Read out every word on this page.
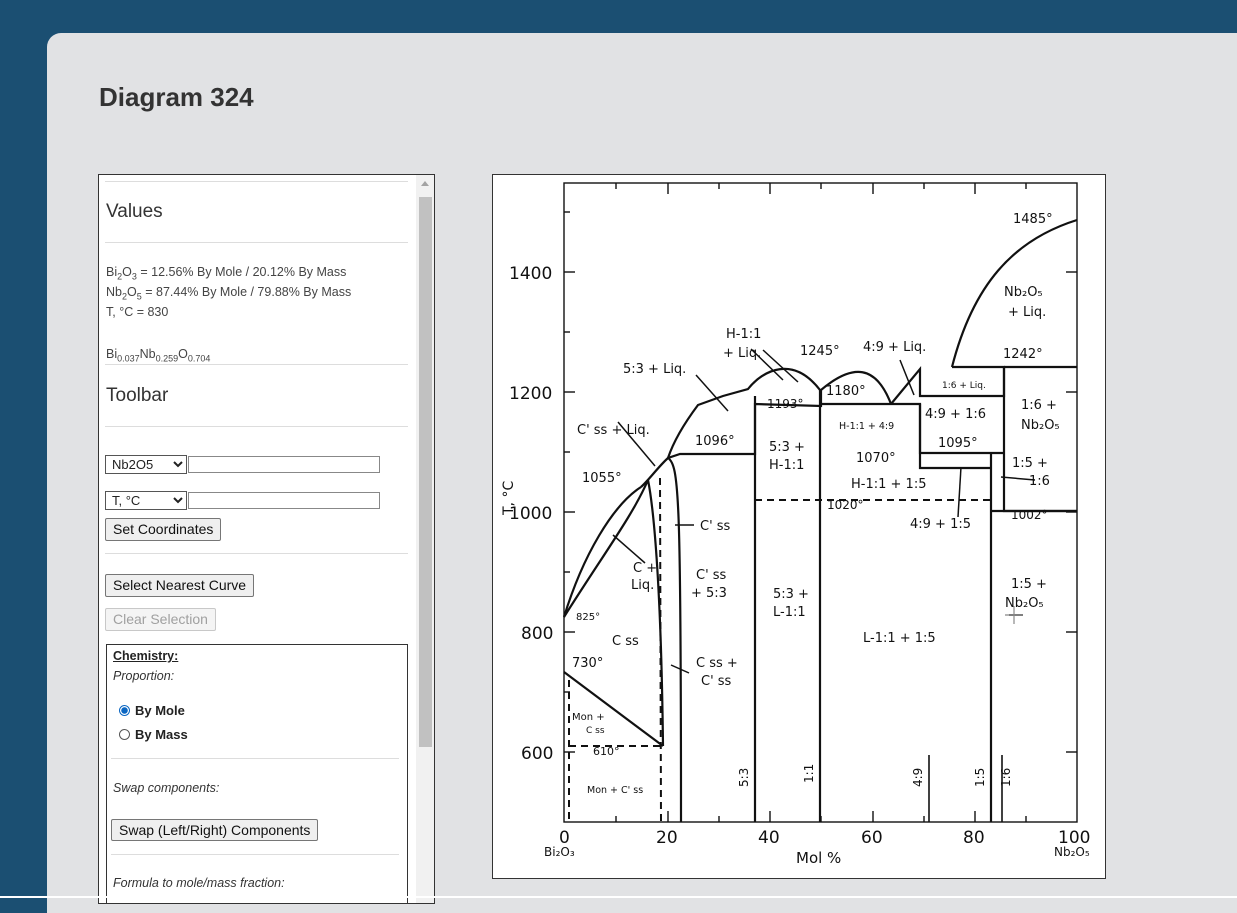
Diagram 324
Values
$Bi_2O_3 = 12.56\%$ By Mole / 20.12% By Mass
$Nb_2O_5 = 87.44\%$ By Mole / 79.88% By Mass
T, °C = 830
$Bi_{0.037}Nb_{0.259}O_{0.704}$
Toolbar
Nb2O5
T, °C
Set Coordinates
Select Nearest Curve
Clear Selection
Chemistry:
Proportion:
By Mole
By Mass
Swap components:
Swap (Left/Right) Components
Formula to mole/mass fraction:
1400
1200
1000
800
600
0	20	40	60	80	100
T, °C
Mol %
Bi₂O₃	Nb₂O₅
1485°
Nb₂O₅
+ Liq.
1242°
H-1:1
+ Liq.	1245° 4:9 + Liq.
5:3 + Liq.
1180°
1193°
1:6 + Liq.
1:6 +
Nb₂O₅
H-1:1 + 4:9
4:9 + 1:6
1095°
C' ss + Liq.
1096°	5:3 +
H-1:1	1070°	1:5 +
1:6
1055°	H-1:1 + 1:5
1020°
1002°
4:9 + 1:5
C' ss
C +
Liq.
C' ss
+ 5:3	5:3 +
L-1:1
1:5 +
Nb₂O₅
825°
C ss	L-1:1 + 1:5
730°	C ss +
C' ss
Mon +
C ss
610°
Mon + C' ss
5:3	1:1	4:9	1:5 1:6
